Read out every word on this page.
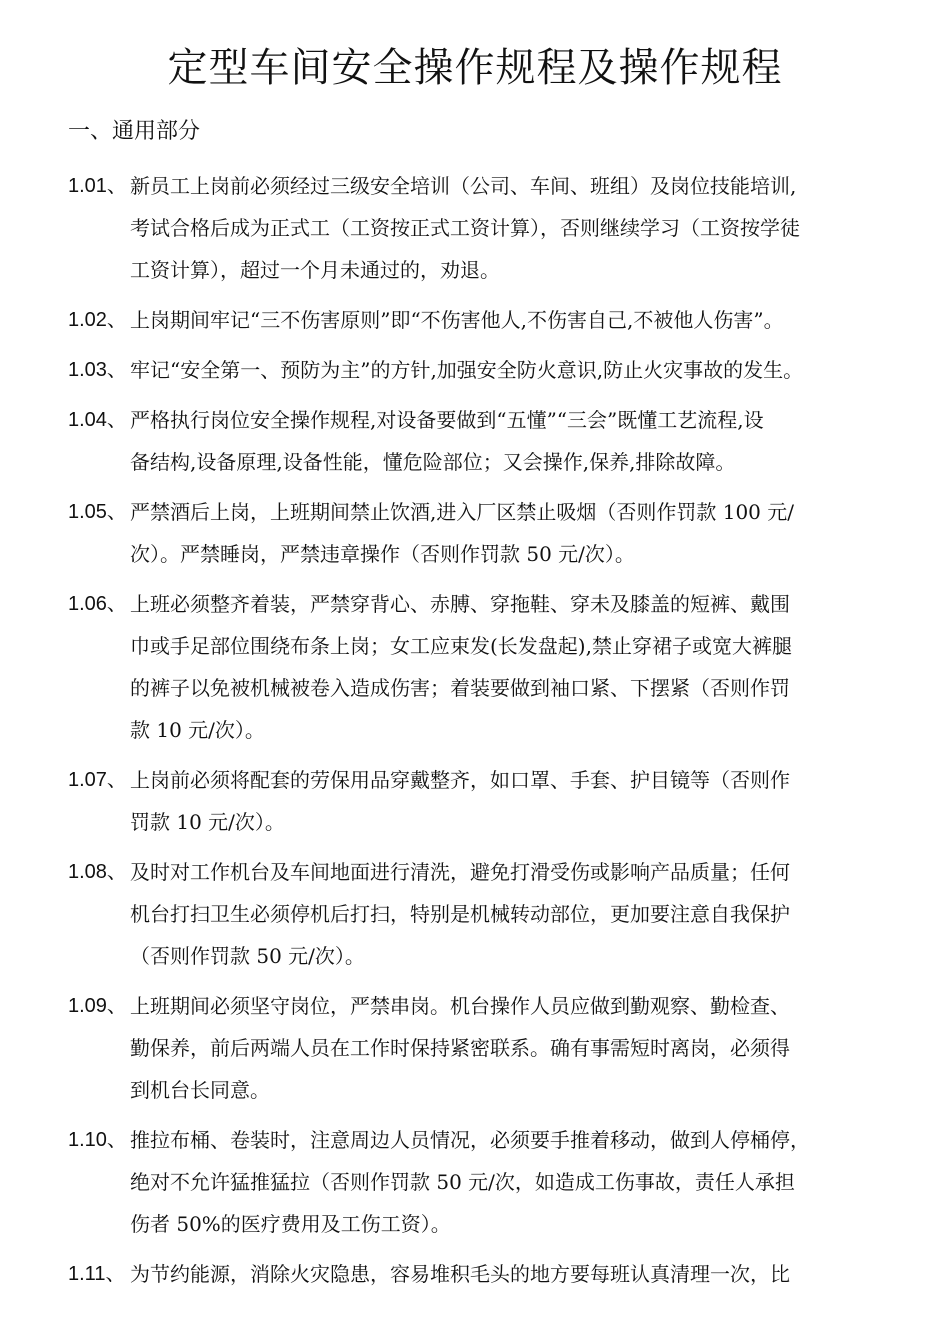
定型车间安全操作规程及操作规程
一、通用部分
1.01、 新员工上岗前必须经过三级安全培训（公司、车间、班组）及岗位技能培训,
考试合格后成为正式工（工资按正式工资计算），否则继续学习（工资按学徒
工资计算），超过一个月未通过的，劝退。
1.02、 上岗期间牢记“三不伤害原则”即“不伤害他人,不伤害自己,不被他人伤害”。
1.03、 牢记“安全第一、预防为主”的方针,加强安全防火意识,防止火灾事故的发生。
1.04、 严格执行岗位安全操作规程,对设备要做到“五懂”“三会”既懂工艺流程,设
备结构,设备原理,设备性能，懂危险部位；又会操作,保养,排除故障。
1.05、 严禁酒后上岗，上班期间禁止饮酒,进入厂区禁止吸烟（否则作罚款 100 元/
次）。严禁睡岗，严禁违章操作（否则作罚款 50 元/次）。
1.06、 上班必须整齐着装，严禁穿背心、赤膊、穿拖鞋、穿未及膝盖的短裤、戴围
巾或手足部位围绕布条上岗；女工应束发(长发盘起),禁止穿裙子或宽大裤腿
的裤子以免被机械被卷入造成伤害；着装要做到袖口紧、下摆紧（否则作罚
款 10 元/次）。
1.07、 上岗前必须将配套的劳保用品穿戴整齐，如口罩、手套、护目镜等（否则作
罚款 10 元/次）。
1.08、 及时对工作机台及车间地面进行清洗，避免打滑受伤或影响产品质量；任何
机台打扫卫生必须停机后打扫，特别是机械转动部位，更加要注意自我保护
（否则作罚款 50 元/次）。
1.09、 上班期间必须坚守岗位，严禁串岗。机台操作人员应做到勤观察、勤检查、
勤保养，前后两端人员在工作时保持紧密联系。确有事需短时离岗，必须得
到机台长同意。
1.10、 推拉布桶、卷装时，注意周边人员情况，必须要手推着移动，做到人停桶停，
绝对不允许猛推猛拉（否则作罚款 50 元/次，如造成工伤事故，责任人承担
伤者 50%的医疗费用及工伤工资）。
1.11、 为节约能源，消除火灾隐患，容易堆积毛头的地方要每班认真清理一次，比
